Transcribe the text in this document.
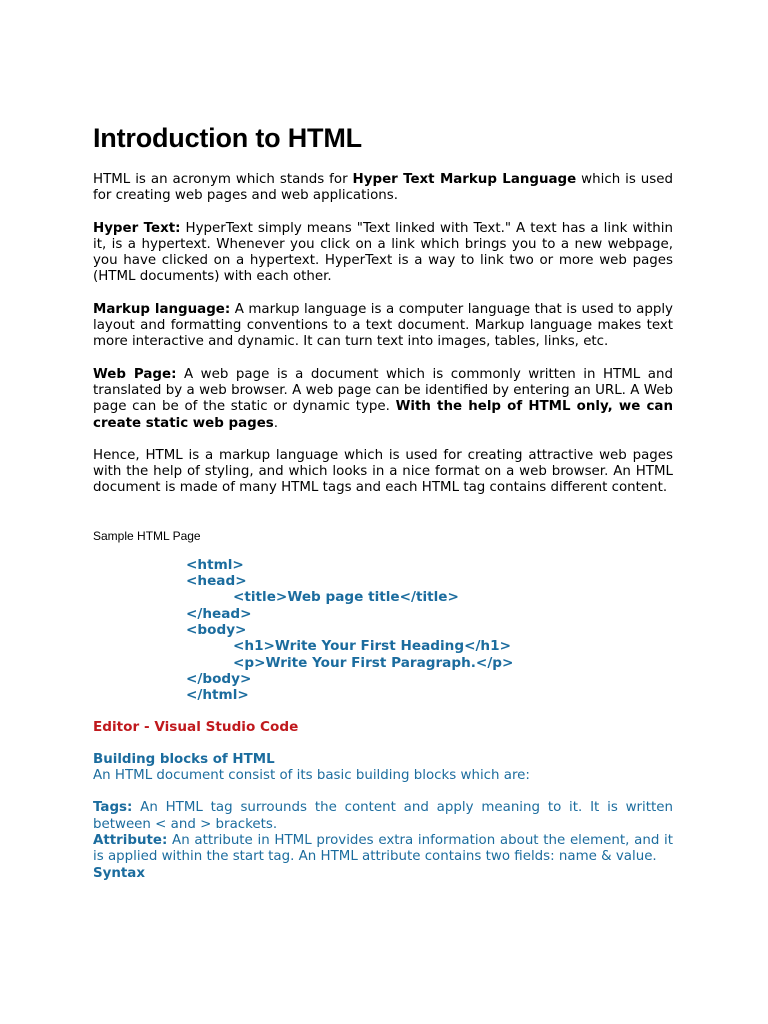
Introduction to HTML

HTML is an acronym which stands for Hyper Text Markup Language which is used for creating web pages and web applications.

Hyper Text: HyperText simply means "Text linked with Text." A text has a link within it, is a hypertext. Whenever you click on a link which brings you to a new webpage, you have clicked on a hypertext. HyperText is a way to link two or more web pages (HTML documents) with each other.

Markup language: A markup language is a computer language that is used to apply layout and formatting conventions to a text document. Markup language makes text more interactive and dynamic. It can turn text into images, tables, links, etc.

Web Page: A web page is a document which is commonly written in HTML and translated by a web browser. A web page can be identified by entering an URL. A Web page can be of the static or dynamic type. With the help of HTML only, we can create static web pages.

Hence, HTML is a markup language which is used for creating attractive web pages with the help of styling, and which looks in a nice format on a web browser. An HTML document is made of many HTML tags and each HTML tag contains different content.

Sample HTML Page
<html>
<head>
<title>Web page title</title>
</head>
<body>
<h1>Write Your First Heading</h1>
<p>Write Your First Paragraph.</p>
</body>
</html>
Editor - Visual Studio Code
Building blocks of HTML
An HTML document consist of its basic building blocks which are:
Tags: An HTML tag surrounds the content and apply meaning to it. It is written between < and > brackets.
Attribute: An attribute in HTML provides extra information about the element, and it is applied within the start tag. An HTML attribute contains two fields: name & value.
Syntax
